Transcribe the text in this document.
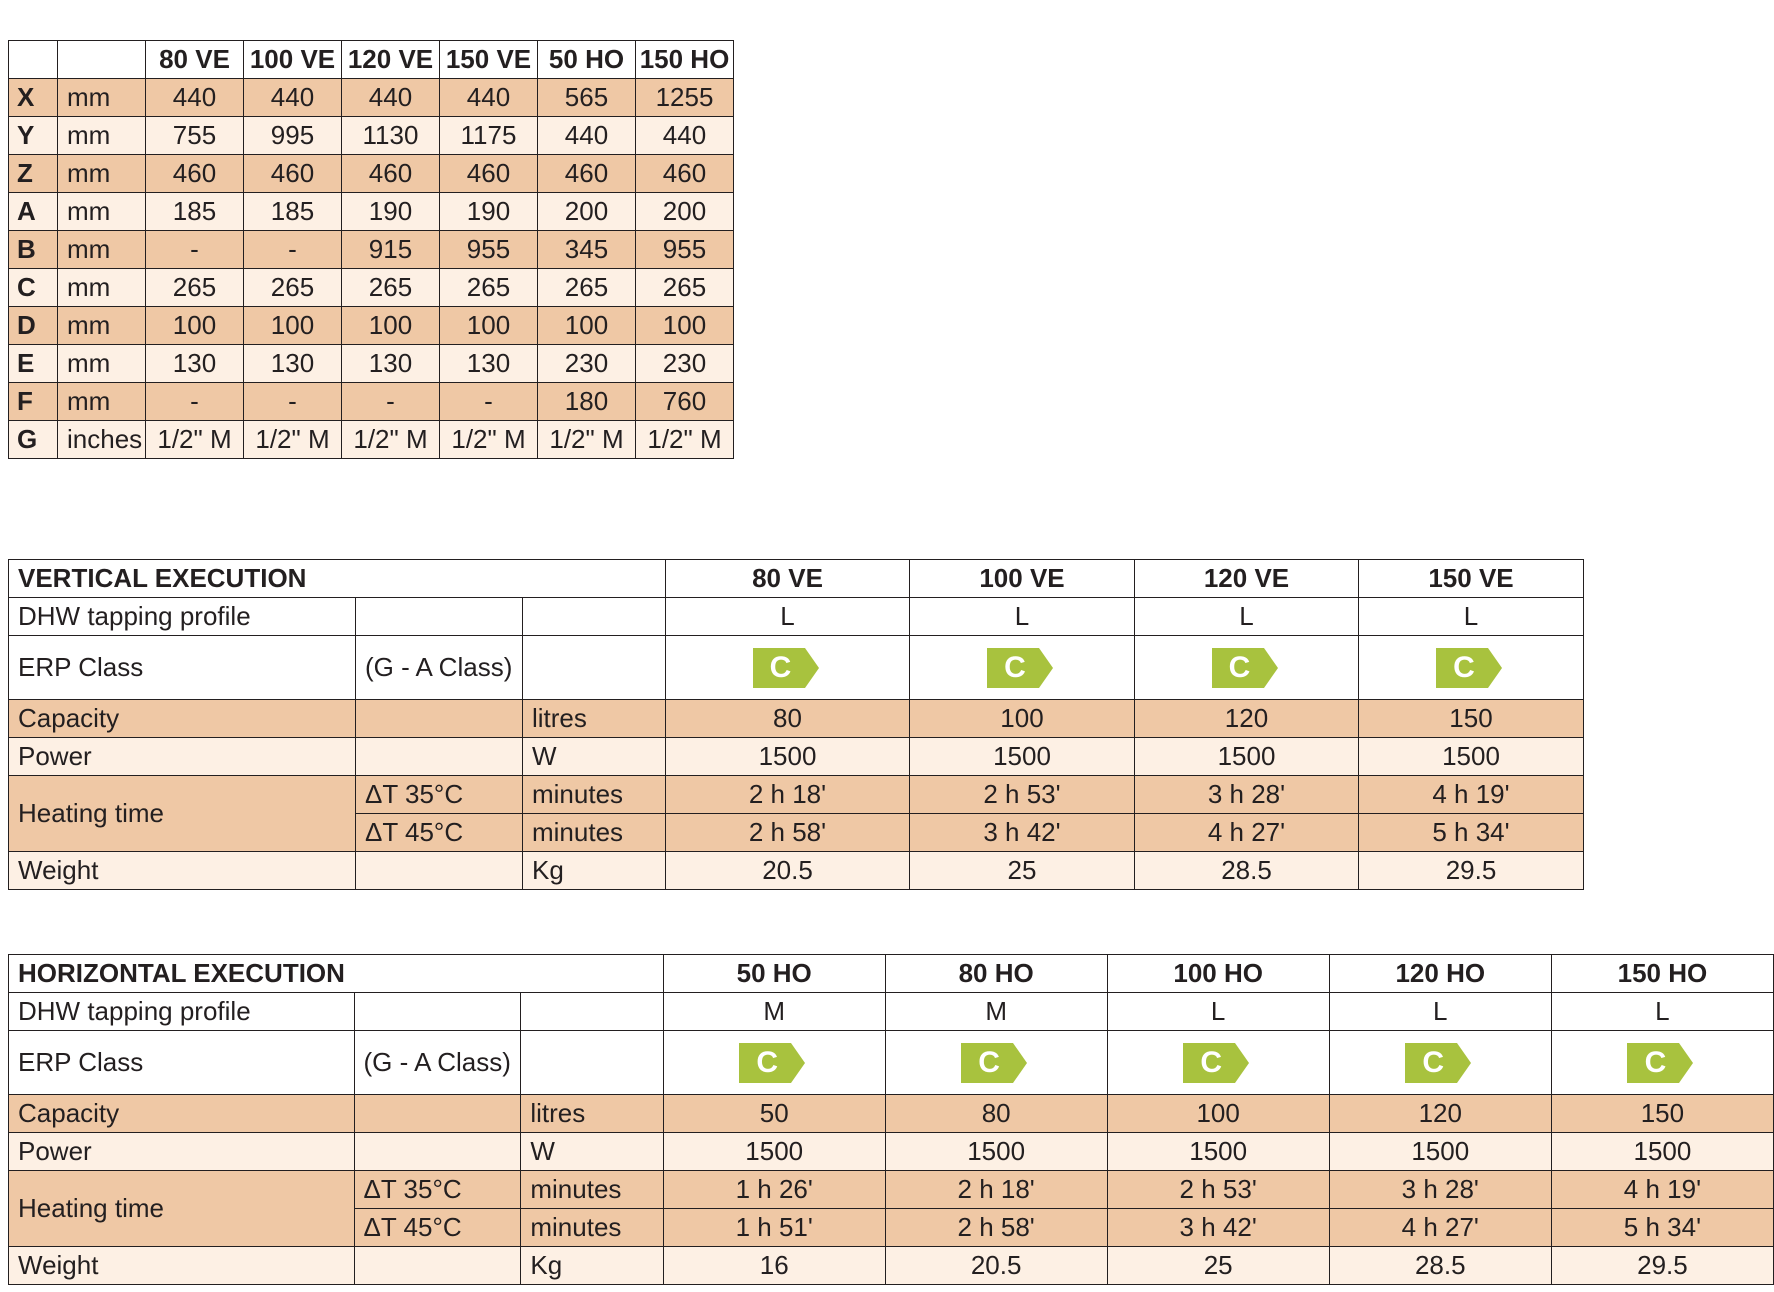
		80 VE	100 VE	120 VE	150 VE	50 HO	150 HO
X	mm	440	440	440	440	565	1255
Y	mm	755	995	1130	1175	440	440
Z	mm	460	460	460	460	460	460
A	mm	185	185	190	190	200	200
B	mm	-	-	915	955	345	955
C	mm	265	265	265	265	265	265
D	mm	100	100	100	100	100	100
E	mm	130	130	130	130	230	230
F	mm	-	-	-	-	180	760
G	inches	1/2" M	1/2" M	1/2" M	1/2" M	1/2" M	1/2" M
VERTICAL EXECUTION			80 VE	100 VE	120 VE	150 VE
DHW tapping profile			L	L	L	L
ERP Class	(G - A Class)		C	C	C	C

Capacity		litres	80	100	120	150
Power		W	1500	1500	1500	1500
Heating time	ΔT 35°C	minutes	2 h 18'	2 h 53'	3 h 28'	4 h 19'
	ΔT 45°C	minutes	2 h 58'	3 h 42'	4 h 27'	5 h 34'
Weight		Kg	20.5	25	28.5	29.5
HORIZONTAL EXECUTION			50 HO	80 HO	100 HO	120 HO	150 HO
DHW tapping profile			M	M	L	L	L
ERP Class	(G - A Class)		C	C	C	C	C

Capacity		litres	50	80	100	120	150
Power		W	1500	1500	1500	1500	1500
Heating time	ΔT 35°C	minutes	1 h 26'	2 h 18'	2 h 53'	3 h 28'	4 h 19'
	ΔT 45°C	minutes	1 h 51'	2 h 58'	3 h 42'	4 h 27'	5 h 34'
Weight		Kg	16	20.5	25	28.5	29.5
